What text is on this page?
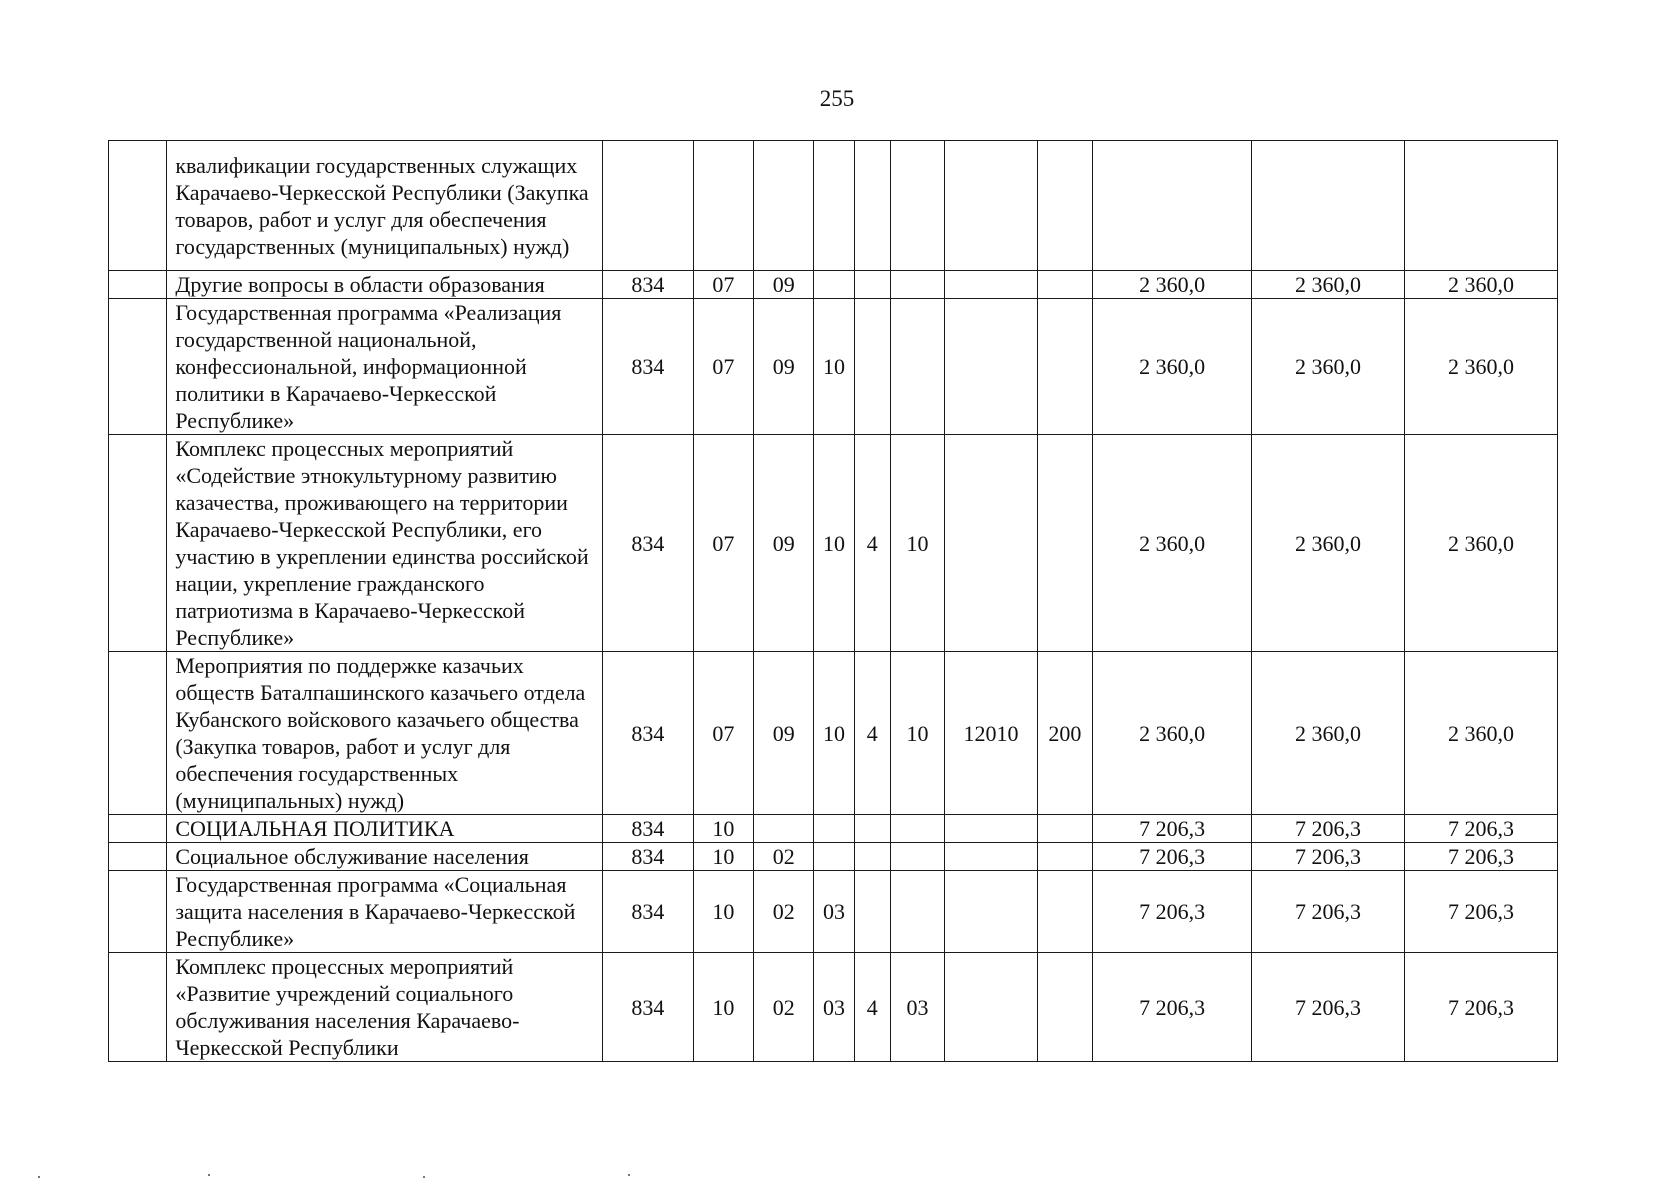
255
	квалификации государственных служащих Карачаево-Черкесской Республики (Закупка товаров, работ и услуг для обеспечения государственных (муниципальных) нужд)											
	Другие вопросы в области образования	834	07	09						2 360,0	2 360,0	2 360,0
	Государственная программа «Реализация государственной национальной, конфессиональной, информационной политики в Карачаево-Черкесской Республике»	834	07	09	10					2 360,0	2 360,0	2 360,0
	Комплекс процессных мероприятий «Содействие этнокультурному развитию казачества, проживающего на территории Карачаево-Черкесской Республики, его участию в укреплении единства российской нации, укрепление гражданского патриотизма в Карачаево-Черкесской Республике»	834	07	09	10	4	10			2 360,0	2 360,0	2 360,0
	Мероприятия по поддержке казачьих обществ Баталпашинского казачьего отдела Кубанского войскового казачьего общества (Закупка товаров, работ и услуг для обеспечения государственных (муниципальных) нужд)	834	07	09	10	4	10	12010	200	2 360,0	2 360,0	2 360,0
	СОЦИАЛЬНАЯ ПОЛИТИКА	834	10							7 206,3	7 206,3	7 206,3
	Социальное обслуживание населения	834	10	02						7 206,3	7 206,3	7 206,3
	Государственная программа «Социальная защита населения в Карачаево-Черкесской Республике»	834	10	02	03					7 206,3	7 206,3	7 206,3
	Комплекс процессных мероприятий «Развитие учреждений социального обслуживания населения Карачаево-Черкесской Республики	834	10	02	03	4	03			7 206,3	7 206,3	7 206,3
